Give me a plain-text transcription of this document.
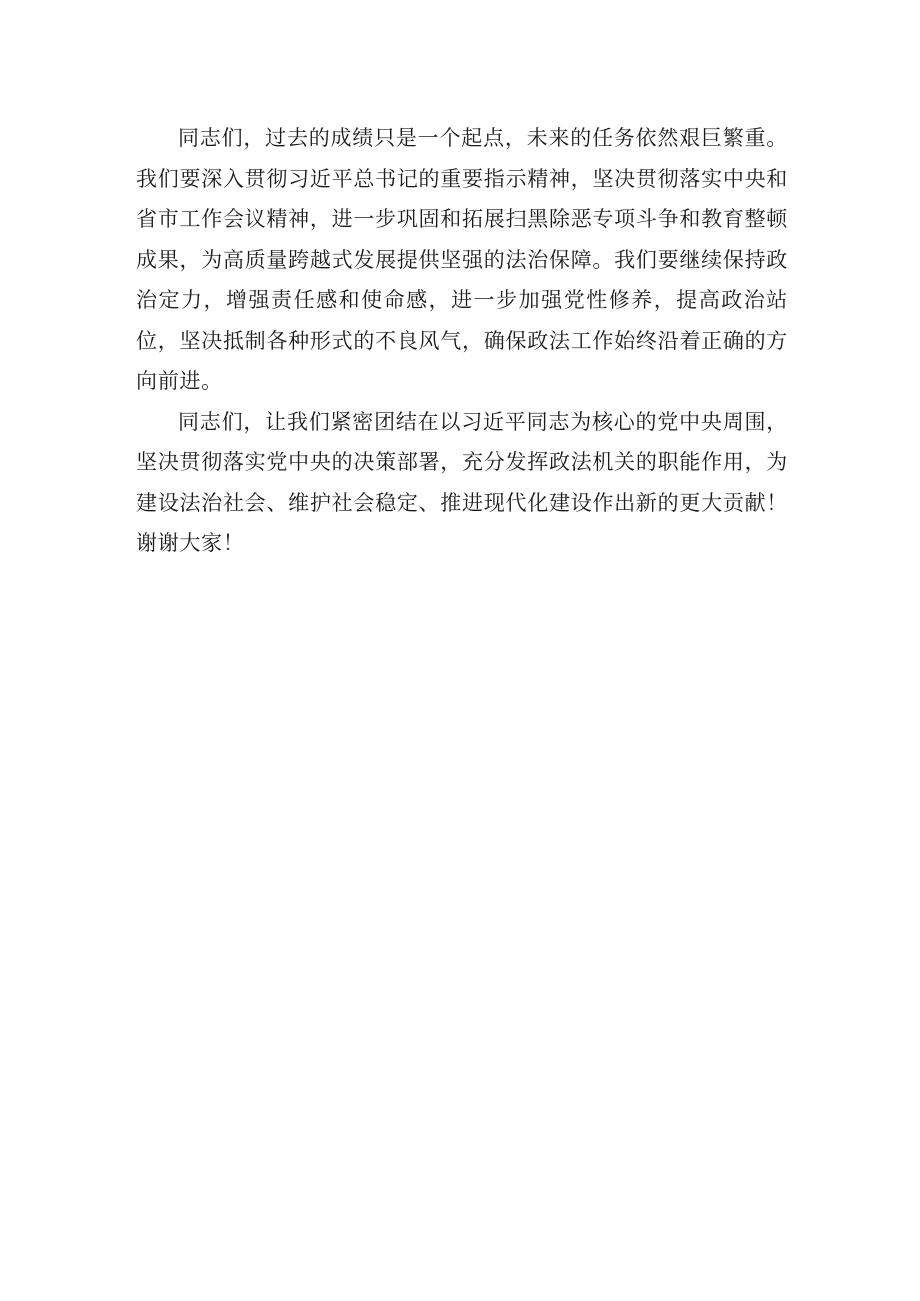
同志们，过去的成绩只是一个起点，未来的任务依然艰巨繁重。我们要深入贯彻习近平总书记的重要指示精神，坚决贯彻落实中央和省市工作会议精神，进一步巩固和拓展扫黑除恶专项斗争和教育整顿成果，为高质量跨越式发展提供坚强的法治保障。我们要继续保持政治定力，增强责任感和使命感，进一步加强党性修养，提高政治站位，坚决抵制各种形式的不良风气，确保政法工作始终沿着正确的方向前进。

同志们，让我们紧密团结在以习近平同志为核心的党中央周围，坚决贯彻落实党中央的决策部署，充分发挥政法机关的职能作用，为建设法治社会、维护社会稳定、推进现代化建设作出新的更大贡献！谢谢大家！
